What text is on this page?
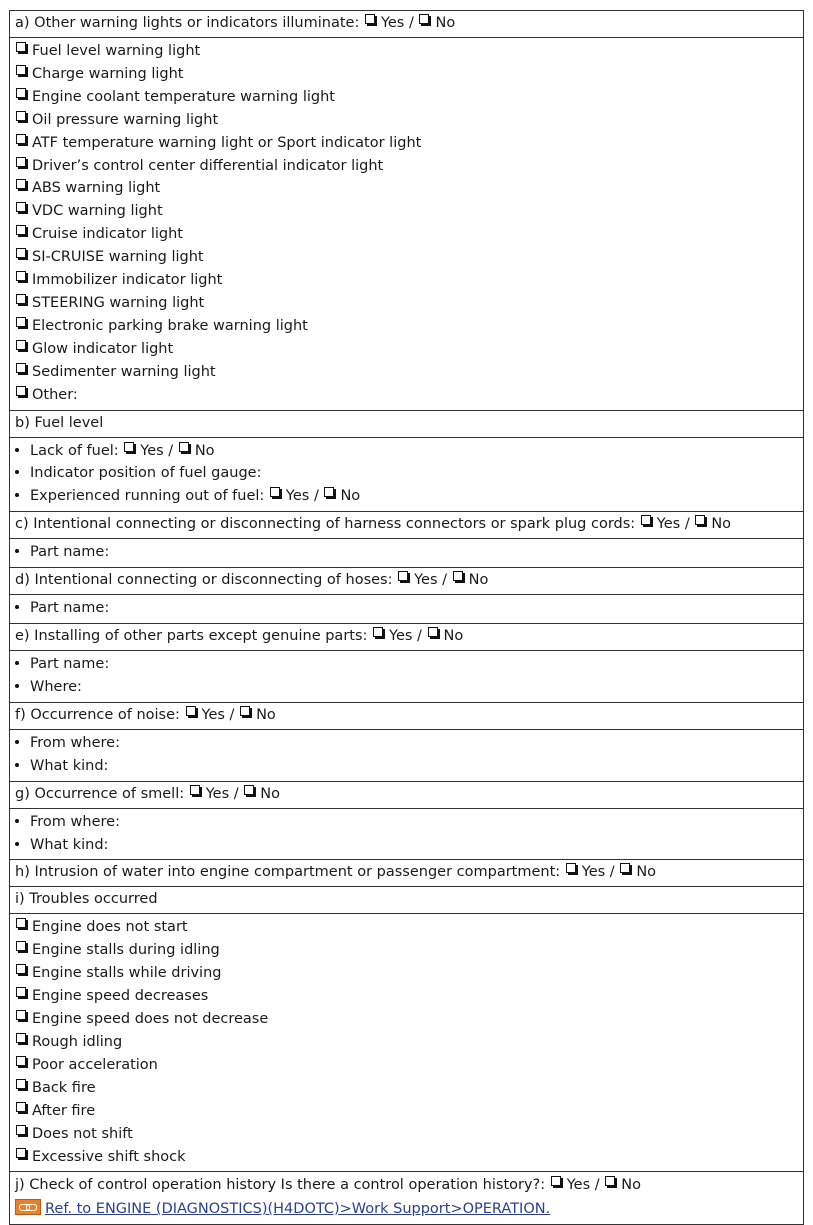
a) Other warning lights or indicators illuminate: Yes / No

Fuel level warning light
Charge warning light
Engine coolant temperature warning light
Oil pressure warning light
ATF temperature warning light or Sport indicator light
Driver’s control center differential indicator light
ABS warning light
VDC warning light
Cruise indicator light
SI-CRUISE warning light
Immobilizer indicator light
STEERING warning light
Electronic parking brake warning light
Glow indicator light
Sedimenter warning light
Other:

b) Fuel level

Lack of fuel: Yes / No
Indicator position of fuel gauge:
Experienced running out of fuel: Yes / No

c) Intentional connecting or disconnecting of harness connectors or spark plug cords: Yes / No

Part name:

d) Intentional connecting or disconnecting of hoses: Yes / No

Part name:

e) Installing of other parts except genuine parts: Yes / No

Part name:
Where:

f) Occurrence of noise: Yes / No

From where:
What kind:

g) Occurrence of smell: Yes / No

From where:
What kind:

h) Intrusion of water into engine compartment or passenger compartment: Yes / No
i) Troubles occurred

Engine does not start
Engine stalls during idling
Engine stalls while driving
Engine speed decreases
Engine speed does not decrease
Rough idling
Poor acceleration
Back fire
After fire
Does not shift
Excessive shift shock

j) Check of control operation history Is there a control operation history?: Yes / No
Ref. to ENGINE (DIAGNOSTICS)(H4DOTC)>Work Support>OPERATION.
